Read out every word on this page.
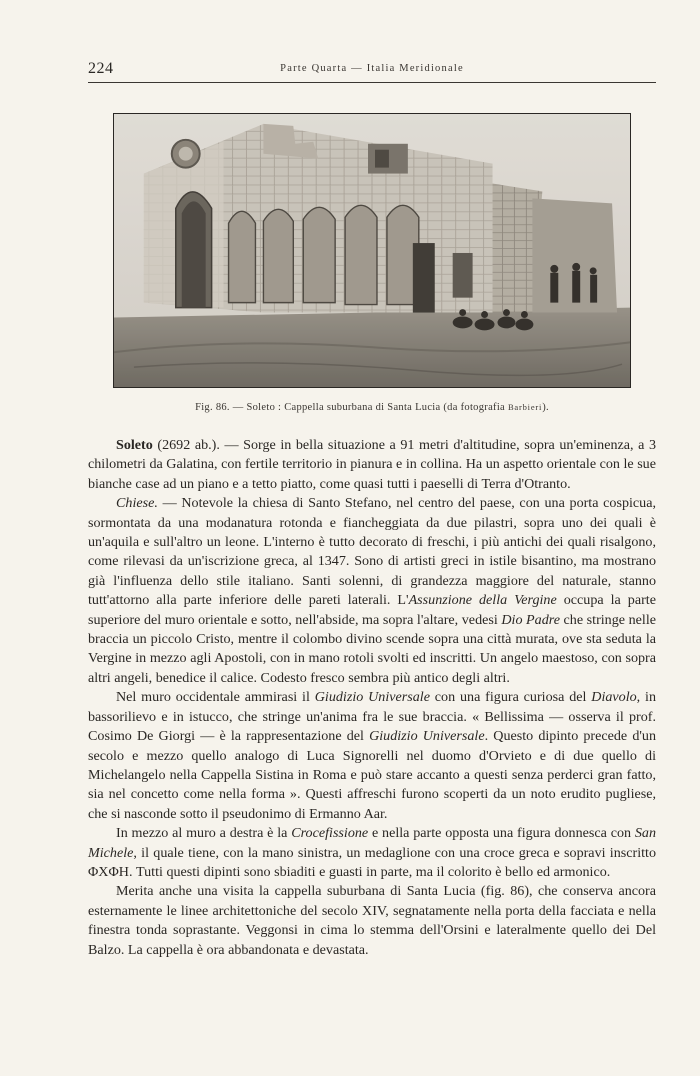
224	Parte Quarta — Italia Meridionale
Fig. 86. — Soleto : Cappella suburbana di Santa Lucia (da fotografia Barbieri).

Soleto (2692 ab.). — Sorge in bella situazione a 91 metri d'altitudine, sopra un'eminenza, a 3 chilometri da Galatina, con fertile territorio in pianura e in collina. Ha un aspetto orientale con le sue bianche case ad un piano e a tetto piatto, come quasi tutti i paeselli di Terra d'Otranto.

Chiese. — Notevole la chiesa di Santo Stefano, nel centro del paese, con una porta cospicua, sormontata da una modanatura rotonda e fiancheggiata da due pilastri, sopra uno dei quali è un'aquila e sull'altro un leone. L'interno è tutto decorato di freschi, i più antichi dei quali risalgono, come rilevasi da un'iscrizione greca, al 1347. Sono di artisti greci in istile bisantino, ma mostrano già l'influenza dello stile italiano. Santi solenni, di grandezza maggiore del naturale, stanno tutt'attorno alla parte inferiore delle pareti laterali. L'Assunzione della Vergine occupa la parte superiore del muro orientale e sotto, nell'abside, ma sopra l'altare, vedesi Dio Padre che stringe nelle braccia un piccolo Cristo, mentre il colombo divino scende sopra una città murata, ove sta seduta la Vergine in mezzo agli Apostoli, con in mano rotoli svolti ed inscritti. Un angelo maestoso, con sopra altri angeli, benedice il calice. Codesto fresco sembra più antico degli altri.

Nel muro occidentale ammirasi il Giudizio Universale con una figura curiosa del Diavolo, in bassorilievo e in istucco, che stringe un'anima fra le sue braccia. « Bellissima — osserva il prof. Cosimo De Giorgi — è la rappresentazione del Giudizio Universale. Questo dipinto precede d'un secolo e mezzo quello analogo di Luca Signorelli nel duomo d'Orvieto e di due quello di Michelangelo nella Cappella Sistina in Roma e può stare accanto a questi senza perderci gran fatto, sia nel concetto come nella forma ». Questi affreschi furono scoperti da un noto erudito pugliese, che si nasconde sotto il pseudonimo di Ermanno Aar.

In mezzo al muro a destra è la Crocefissione e nella parte opposta una figura donnesca con San Michele, il quale tiene, con la mano sinistra, un medaglione con una croce greca e sopravi inscritto ΦΧΦΗ. Tutti questi dipinti sono sbiaditi e guasti in parte, ma il colorito è bello ed armonico.

Merita anche una visita la cappella suburbana di Santa Lucia (fig. 86), che conserva ancora esternamente le linee architettoniche del secolo XIV, segnatamente nella porta della facciata e nella finestra tonda soprastante. Veggonsi in cima lo stemma dell'Orsini e lateralmente quello dei Del Balzo. La cappella è ora abbandonata e devastata.
